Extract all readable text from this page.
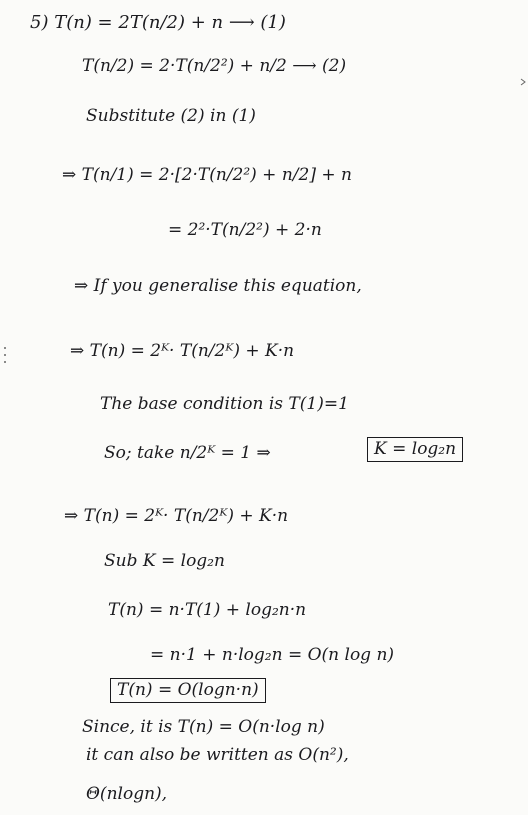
5) T(n) = 2T(n/2) + n ⟶ (1)
T(n/2) = 2·T(n/2²) + n/2 ⟶ (2)
Substitute (2) in (1)
⇒ T(n/1) = 2·[2·T(n/2²) + n/2] + n
= 2²·T(n/2²) + 2·n
⇒ If you generalise this equation,
⇒ T(n) = 2ᴷ· T(n/2ᴷ) + K·n
The base condition is T(1)=1
So; take n/2ᴷ = 1 ⇒	K = log₂n
⇒ T(n) = 2ᴷ· T(n/2ᴷ) + K·n
Sub K = log₂n
T(n) = n·T(1) + log₂n·n
= n·1 + n·log₂n = O(n log n)
T(n) = O(logn·n)
Since, it is T(n) = O(n·log n)
it can also be written as O(n²),
Θ(nlogn),
